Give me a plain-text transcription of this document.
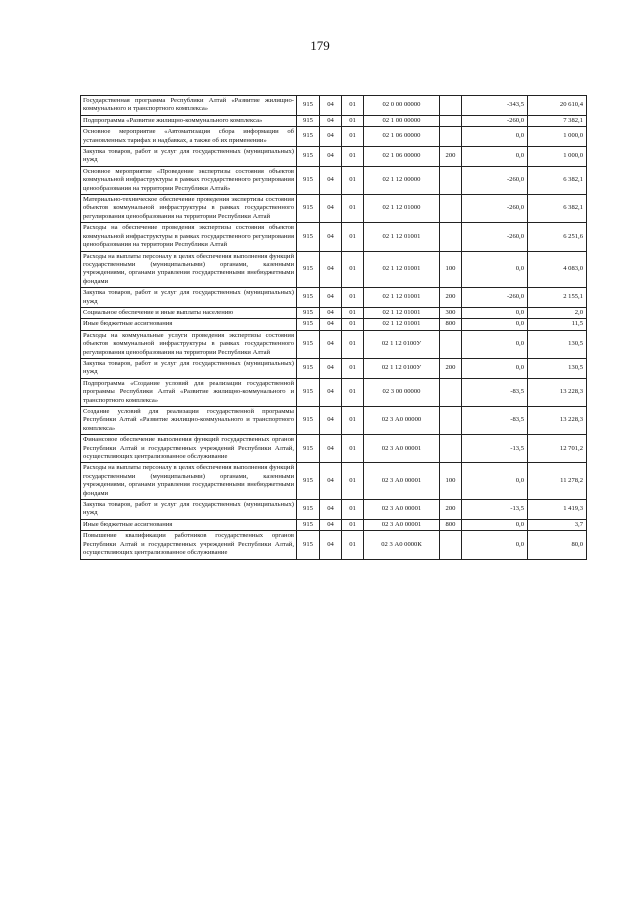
179
Государственная программа Республики Алтай «Развитие жилищно-коммунального и транспортного комплекса»	915	04	01	02 0 00 00000		-343,5	20 610,4
Подпрограмма «Развитие жилищно-коммунального комплекса»	915	04	01	02 1 00 00000		-260,0	7 382,1
Основное мероприятие «Автоматизация сбора информации об установленных тарифах и надбавках, а также об их применении»	915	04	01	02 1 06 00000		0,0	1 000,0
Закупка товаров, работ и услуг для государственных (муниципальных) нужд	915	04	01	02 1 06 00000	200	0,0	1 000,0
Основное мероприятие «Проведение экспертизы состояния объектов коммунальной инфраструктуры в рамках государственного регулирования ценообразования на территории Республики Алтай»	915	04	01	02 1 12 00000		-260,0	6 382,1
Материально-техническое обеспечение проведения экспертизы состояния объектов коммунальной инфраструктуры в рамках государственного регулирования ценообразования на территории Республики Алтай	915	04	01	02 1 12 01000		-260,0	6 382,1
Расходы на обеспечение проведения экспертизы состояния объектов коммунальной инфраструктуры в рамках государственного регулирования ценообразования на территории Республики Алтай	915	04	01	02 1 12 01001		-260,0	6 251,6
Расходы на выплаты персоналу в целях обеспечения выполнения функций государственными (муниципальными) органами, казенными учреждениями, органами управления государственными внебюджетными фондами	915	04	01	02 1 12 01001	100	0,0	4 083,0
Закупка товаров, работ и услуг для государственных (муниципальных) нужд	915	04	01	02 1 12 01001	200	-260,0	2 155,1
Социальное обеспечение и иные выплаты населению	915	04	01	02 1 12 01001	300	0,0	2,0
Иные бюджетные ассигнования	915	04	01	02 1 12 01001	800	0,0	11,5
Расходы на коммунальные услуги проведения экспертизы состояния объектов коммунальной инфраструктуры в рамках государственного регулирования ценообразования на территории Республики Алтай	915	04	01	02 1 12 0100У		0,0	130,5
Закупка товаров, работ и услуг для государственных (муниципальных) нужд	915	04	01	02 1 12 0100У	200	0,0	130,5
Подпрограмма «Создание условий для реализации государственной программы Республики Алтай «Развитие жилищно-коммунального и транспортного комплекса»	915	04	01	02 3 00 00000		-83,5	13 228,3
Создание условий для реализации государственной программы Республики Алтай «Развитие жилищно-коммунального и транспортного комплекса»	915	04	01	02 3 А0 00000		-83,5	13 228,3
Финансовое обеспечение выполнения функций государственных органов Республики Алтай и государственных учреждений Республики Алтай, осуществляющих централизованное обслуживание	915	04	01	02 3 А0 00001		-13,5	12 701,2
Расходы на выплаты персоналу в целях обеспечения выполнения функций государственными (муниципальными) органами, казенными учреждениями, органами управления государственными внебюджетными фондами	915	04	01	02 3 А0 00001	100	0,0	11 278,2
Закупка товаров, работ и услуг для государственных (муниципальных) нужд	915	04	01	02 3 А0 00001	200	-13,5	1 419,3
Иные бюджетные ассигнования	915	04	01	02 3 А0 00001	800	0,0	3,7
Повышение квалификации работников государственных органов Республики Алтай и государственных учреждений Республики Алтай, осуществляющих централизованное обслуживание	915	04	01	02 3 А0 0000К		0,0	80,0
